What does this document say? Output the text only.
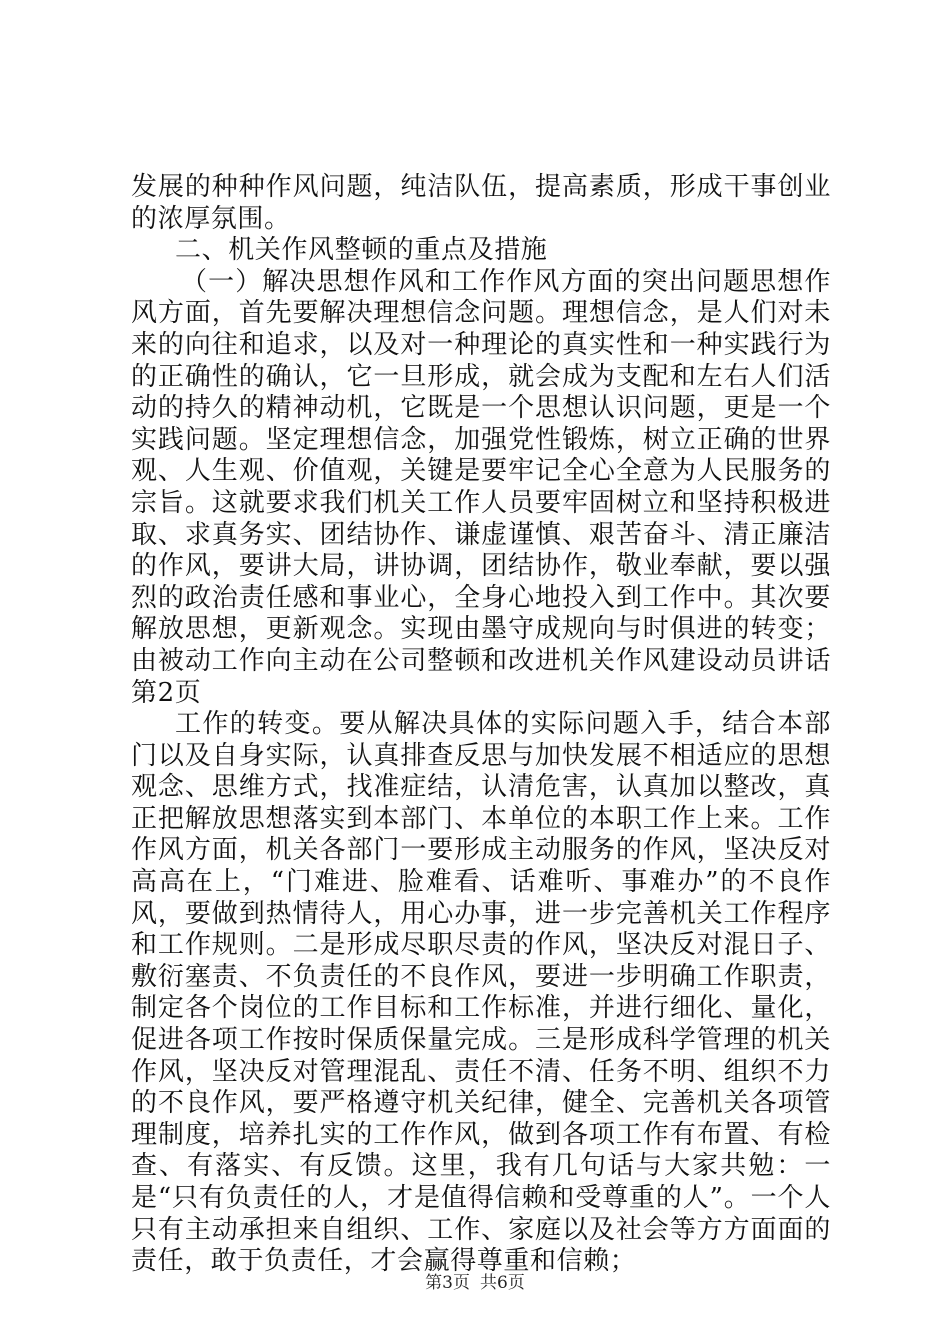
发展的种种作风问题，纯洁队伍，提高素质，形成干事创业的浓厚氛围。

二、机关作风整顿的重点及措施

（一）解决思想作风和工作作风方面的突出问题思想作风方面，首先要解决理想信念问题。理想信念，是人们对未来的向往和追求，以及对一种理论的真实性和一种实践行为的正确性的确认，它一旦形成，就会成为支配和左右人们活动的持久的精神动机，它既是一个思想认识问题，更是一个实践问题。坚定理想信念，加强党性锻炼，树立正确的世界观、人生观、价值观，关键是要牢记全心全意为人民服务的宗旨。这就要求我们机关工作人员要牢固树立和坚持积极进取、求真务实、团结协作、谦虚谨慎、艰苦奋斗、清正廉洁的作风，要讲大局，讲协调，团结协作，敬业奉献，要以强烈的政治责任感和事业心，全身心地投入到工作中。其次要解放思想，更新观念。实现由墨守成规向与时俱进的转变；由被动工作向主动在公司整顿和改进机关作风建设动员讲话第2页

工作的转变。要从解决具体的实际问题入手，结合本部门以及自身实际，认真排查反思与加快发展不相适应的思想观念、思维方式，找准症结，认清危害，认真加以整改，真正把解放思想落实到本部门、本单位的本职工作上来。工作作风方面，机关各部门一要形成主动服务的作风，坚决反对高高在上，“门难进、脸难看、话难听、事难办”的不良作风，要做到热情待人，用心办事，进一步完善机关工作程序和工作规则。二是形成尽职尽责的作风，坚决反对混日子、敷衍塞责、不负责任的不良作风，要进一步明确工作职责，制定各个岗位的工作目标和工作标准，并进行细化、量化，促进各项工作按时保质保量完成。三是形成科学管理的机关作风，坚决反对管理混乱、责任不清、任务不明、组织不力的不良作风，要严格遵守机关纪律，健全、完善机关各项管理制度，培养扎实的工作作风，做到各项工作有布置、有检查、有落实、有反馈。这里，我有几句话与大家共勉：一是“只有负责任的人，才是值得信赖和受尊重的人”。一个人只有主动承担来自组织、工作、家庭以及社会等方方面面的责任，敢于负责任，才会赢得尊重和信赖；

第3页 共6页
